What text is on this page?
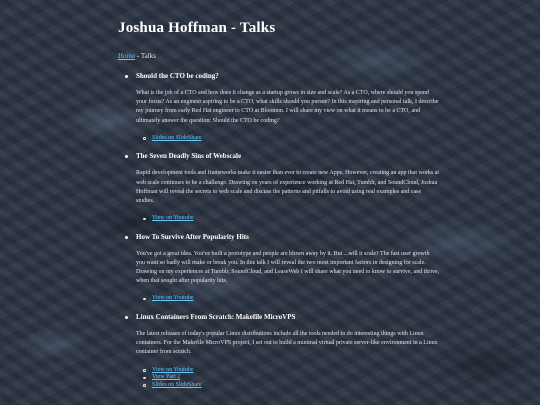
Joshua Hoffman - Talks
Home - Talks
Should the CTO be coding?
What is the job of a CTO and how does it change as a startup grows in size and scale? As a CTO, where should you spend your focus? As an engineer aspiring to be a CTO, what skills should you pursue? In this inspiring and personal talk, I describe my journey from early Red Hat engineer to CTO at Bloomon. I will share my view on what it means to be a CTO, and ultimately answer the question: Should the CTO be coding?
Slides on SlideShare
The Seven Deadly Sins of Webscale
Rapid development tools and frameworks make it easier than ever to create new Apps. However, creating an app that works at web scale continues to be a challenge. Drawing on years of experience working at Red Hat, Tumblr, and SoundCloud, Joshua Hoffman will reveal the secrets to web scale and discuss the patterns and pitfalls to avoid using real examples and case studies.
View on Youtube
How To Survive After Popularity Hits
You've got a great idea. You've built a prototype and people are blown away by it. But ...will it scale? The fast user growth you want so badly will make or break you. In this talk I will reveal the two most important factors in designing for scale. Drawing on my experiences at Tumblr, SoundCloud, and LeaseWeb I will share what you need to know to survive, and thrive, when that sought after popularity hits.
View on Youtube
Linux Containers From Scratch: Makefile MicroVPS
The latest releases of today's popular Linux distributions include all the tools needed to do interesting things with Linux containers. For the Makefile MicroVPS project, I set out to build a minimal virtual private server-like environment in a Linux container from scratch.
View on Youtube
View Part 2
Slides on SlideShare
